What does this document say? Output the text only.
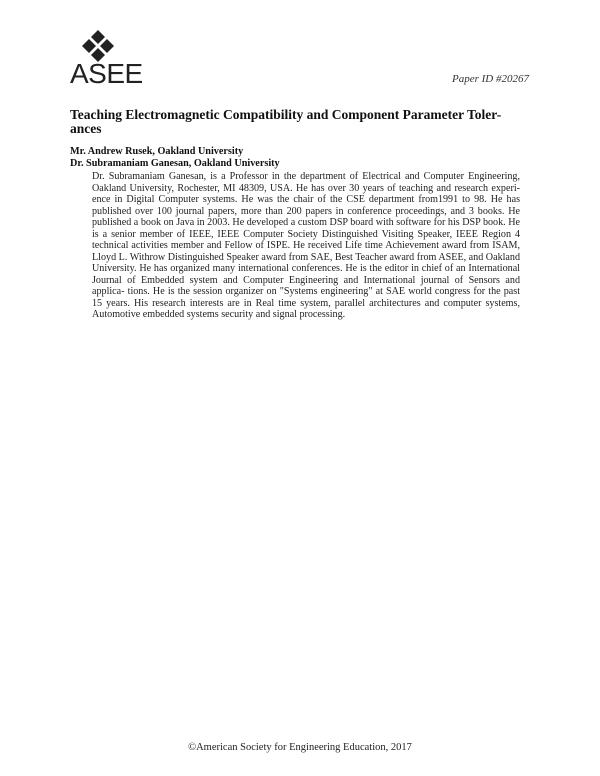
ASEE	Paper ID #20267
Teaching Electromagnetic Compatibility and Component Parameter Toler- ances
Mr. Andrew Rusek, Oakland University
Dr. Subramaniam Ganesan, Oakland University
Dr. Subramaniam Ganesan, is a Professor in the department of Electrical and Computer Engineering, Oakland University, Rochester, MI 48309, USA. He has over 30 years of teaching and research experi- ence in Digital Computer systems. He was the chair of the CSE department from1991 to 98. He has published over 100 journal papers, more than 200 papers in conference proceedings, and 3 books. He published a book on Java in 2003. He developed a custom DSP board with software for his DSP book. He is a senior member of IEEE, IEEE Computer Society Distinguished Visiting Speaker, IEEE Region 4 technical activities member and Fellow of ISPE. He received Life time Achievement award from ISAM, Lloyd L. Withrow Distinguished Speaker award from SAE, Best Teacher award from ASEE, and Oakland University. He has organized many international conferences. He is the editor in chief of an International Journal of Embedded system and Computer Engineering and International journal of Sensors and applica- tions. He is the session organizer on "Systems engineering" at SAE world congress for the past 15 years. His research interests are in Real time system, parallel architectures and computer systems, Automotive embedded systems security and signal processing.
©American Society for Engineering Education, 2017
